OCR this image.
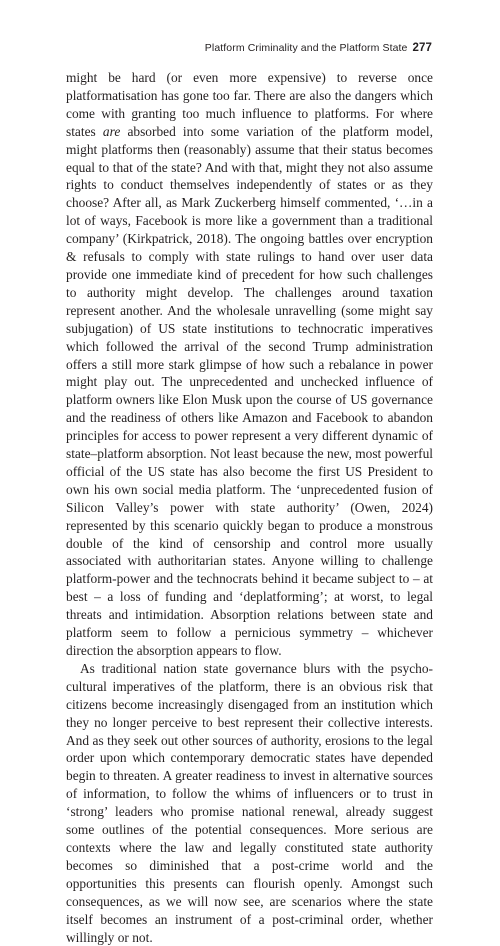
Platform Criminality and the Platform State 277

might be hard (or even more expensive) to reverse once platformatisation has gone too far. There are also the dangers which come with granting too much influence to platforms. For where states are absorbed into some variation of the platform model, might platforms then (reasonably) assume that their status becomes equal to that of the state? And with that, might they not also assume rights to conduct themselves independently of states or as they choose? After all, as Mark Zuckerberg himself commented, ‘…in a lot of ways, Facebook is more like a government than a traditional company’ (Kirkpatrick, 2018). The ongoing battles over encryption & refusals to comply with state rulings to hand over user data provide one immediate kind of precedent for how such challenges to authority might develop. The challenges around taxation represent another. And the wholesale unravelling (some might say subjugation) of US state institutions to technocratic imperatives which followed the arrival of the second Trump administration offers a still more stark glimpse of how such a rebalance in power might play out. The unprecedented and unchecked influence of platform owners like Elon Musk upon the course of US governance and the readiness of others like Amazon and Facebook to abandon principles for access to power represent a very different dynamic of state–platform absorption. Not least because the new, most powerful official of the US state has also become the first US President to own his own social media platform. The ‘unprecedented fusion of Silicon Valley’s power with state authority’ (Owen, 2024) represented by this scenario quickly began to produce a monstrous double of the kind of censorship and control more usually associated with authoritarian states. Anyone willing to challenge platform-power and the technocrats behind it became subject to – at best – a loss of funding and ‘deplatforming’; at worst, to legal threats and intimidation. Absorption relations between state and platform seem to follow a pernicious symmetry – whichever direction the absorption appears to flow.

As traditional nation state governance blurs with the psycho-cultural imperatives of the platform, there is an obvious risk that citizens become increasingly disengaged from an institution which they no longer perceive to best represent their collective interests. And as they seek out other sources of authority, erosions to the legal order upon which contemporary democratic states have depended begin to threaten. A greater readiness to invest in alternative sources of information, to follow the whims of influencers or to trust in ‘strong’ leaders who promise national renewal, already suggest some outlines of the potential consequences. More serious are contexts where the law and legally constituted state authority becomes so diminished that a post-crime world and the opportunities this presents can flourish openly. Amongst such consequences, as we will now see, are scenarios where the state itself becomes an instrument of a post-criminal order, whether willingly or not.
